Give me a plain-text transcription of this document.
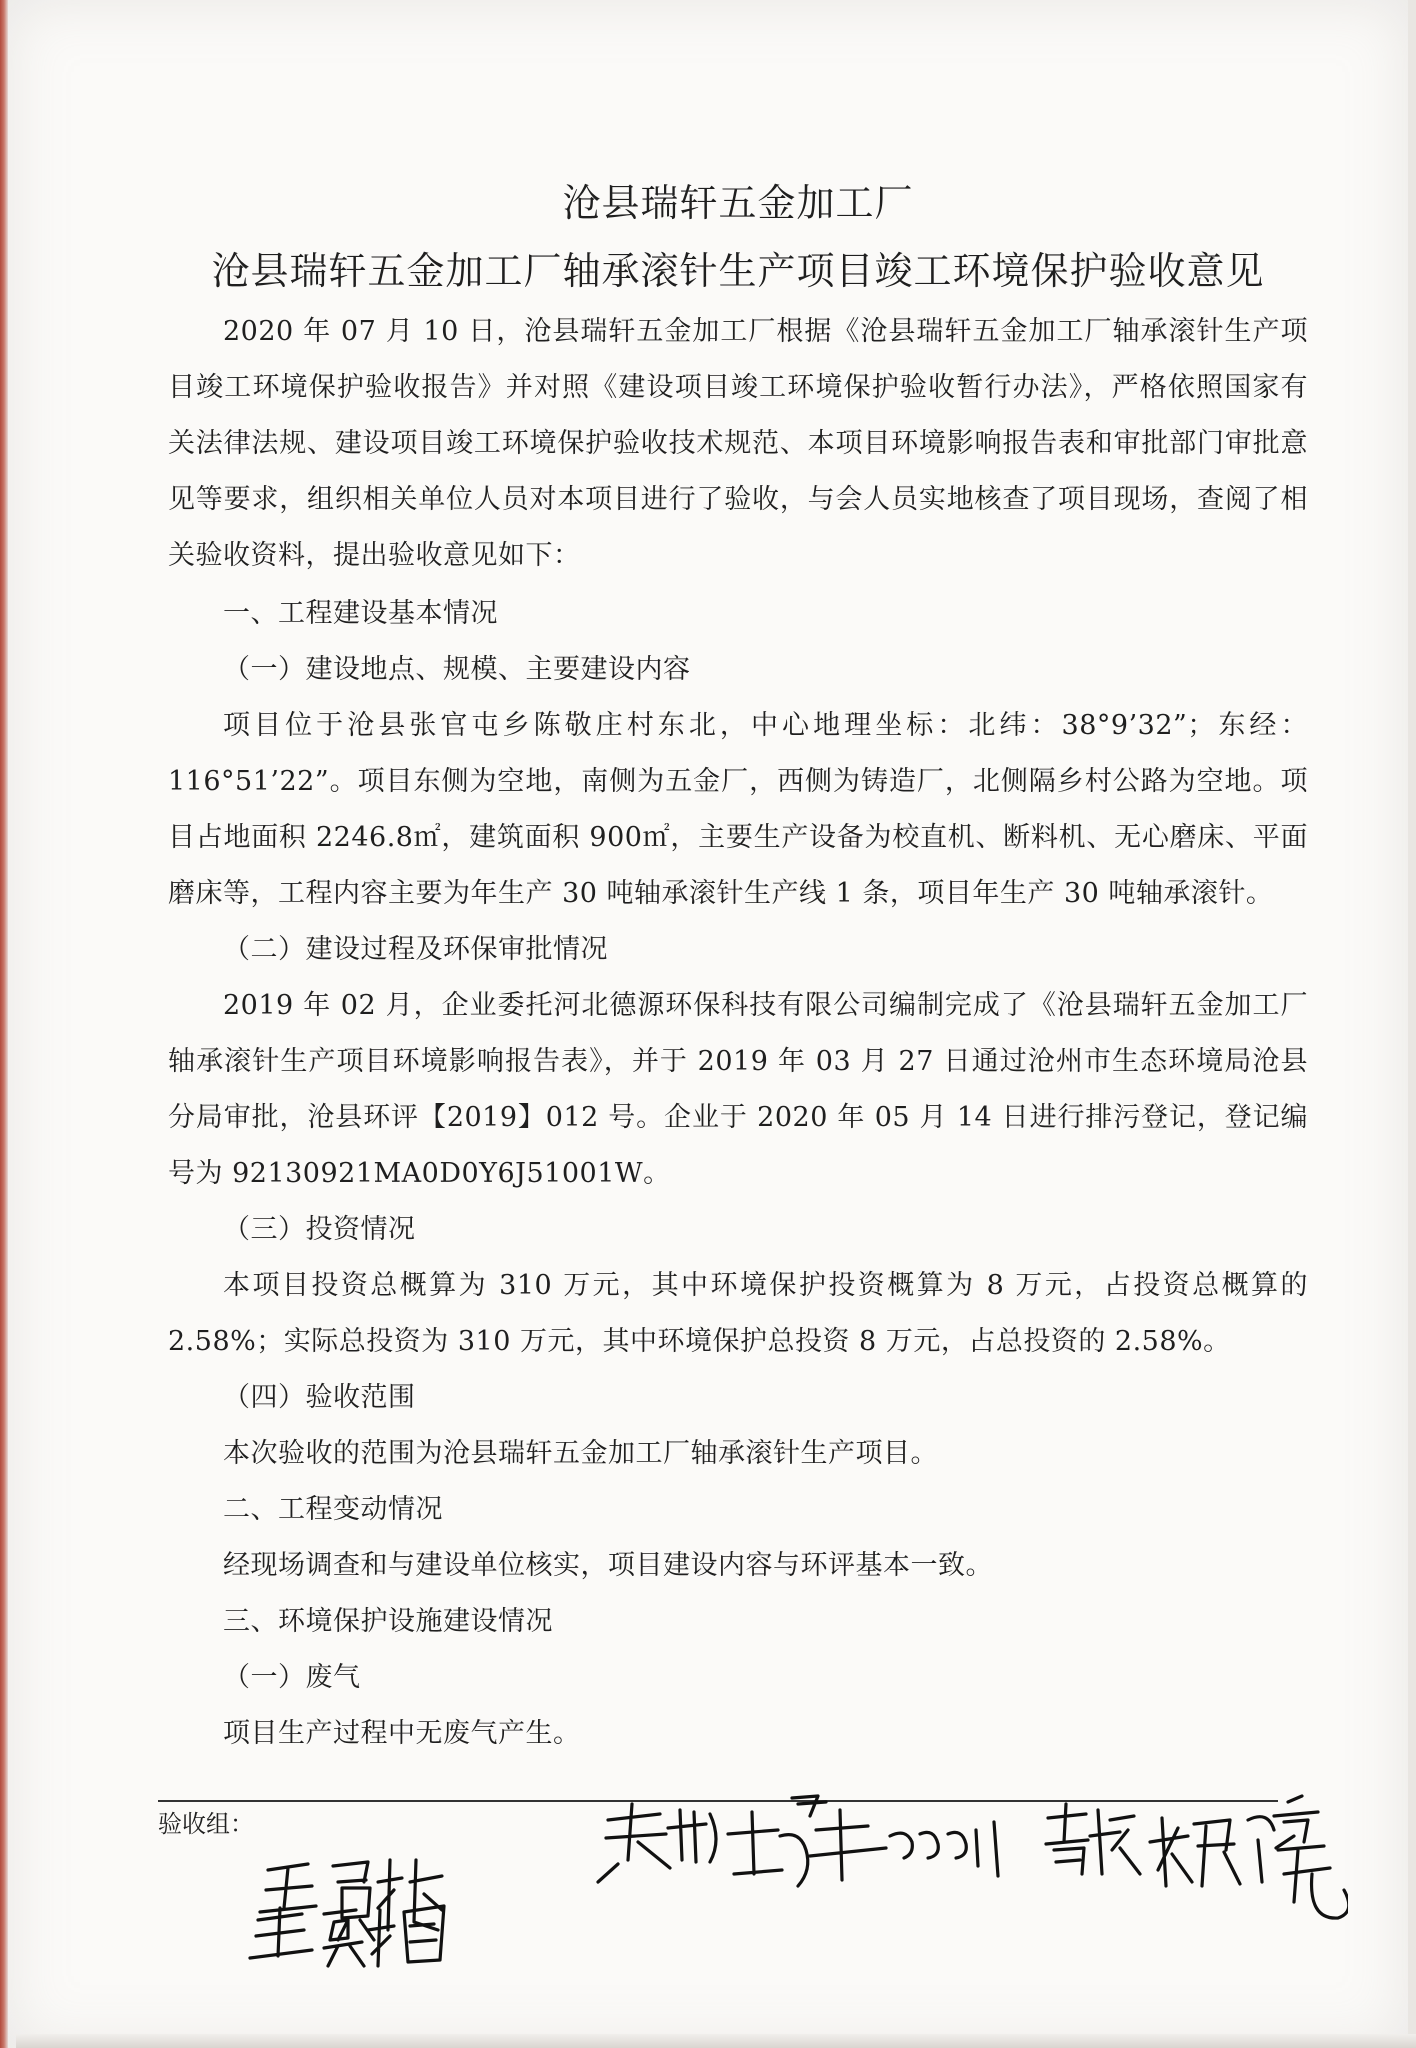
沧县瑞轩五金加工厂
沧县瑞轩五金加工厂轴承滚针生产项目竣工环境保护验收意见
2020 年 07 月 10 日，沧县瑞轩五金加工厂根据《沧县瑞轩五金加工厂轴承滚针生产项目竣工环境保护验收报告》并对照《建设项目竣工环境保护验收暂行办法》，严格依照国家有关法律法规、建设项目竣工环境保护验收技术规范、本项目环境影响报告表和审批部门审批意见等要求，组织相关单位人员对本项目进行了验收，与会人员实地核查了项目现场，查阅了相关验收资料，提出验收意见如下：
一、工程建设基本情况
（一）建设地点、规模、主要建设内容
项目位于沧县张官屯乡陈敬庄村东北，中心地理坐标：北纬：38°9’32”；东经：116°51’22”。项目东侧为空地，南侧为五金厂，西侧为铸造厂，北侧隔乡村公路为空地。项目占地面积 2246.8㎡，建筑面积 900㎡，主要生产设备为校直机、断料机、无心磨床、平面磨床等，工程内容主要为年生产 30 吨轴承滚针生产线 1 条，项目年生产 30 吨轴承滚针。
（二）建设过程及环保审批情况
2019 年 02 月，企业委托河北德源环保科技有限公司编制完成了《沧县瑞轩五金加工厂轴承滚针生产项目环境影响报告表》，并于 2019 年 03 月 27 日通过沧州市生态环境局沧县分局审批，沧县环评【2019】012 号。企业于 2020 年 05 月 14 日进行排污登记，登记编号为 92130921MA0D0Y6J51001W。
（三）投资情况
本项目投资总概算为 310 万元，其中环境保护投资概算为 8 万元，占投资总概算的 2.58%；实际总投资为 310 万元，其中环境保护总投资 8 万元，占总投资的 2.58%。
（四）验收范围
本次验收的范围为沧县瑞轩五金加工厂轴承滚针生产项目。
二、工程变动情况
经现场调查和与建设单位核实，项目建设内容与环评基本一致。
三、环境保护设施建设情况
（一）废气
项目生产过程中无废气产生。
验收组：
